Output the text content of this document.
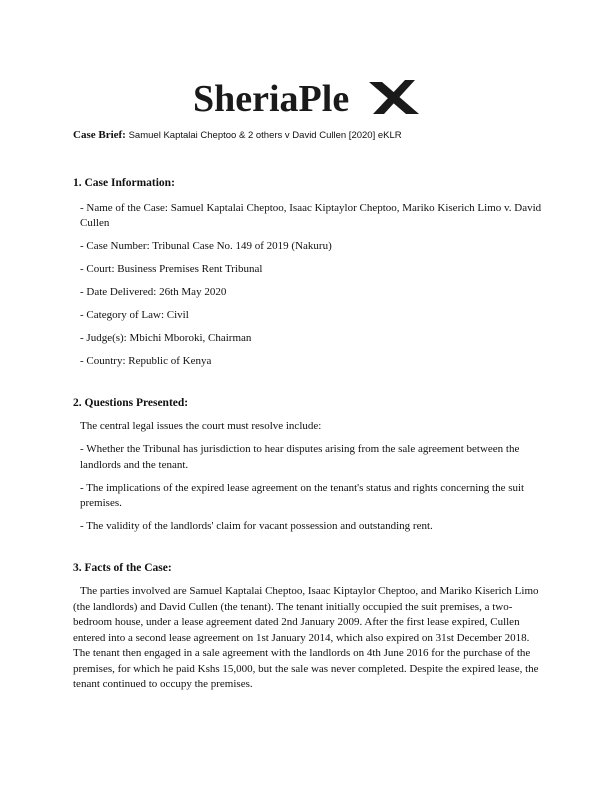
SheriaPle
Case Brief: Samuel Kaptalai Cheptoo & 2 others v David Cullen [2020] eKLR

1. Case Information:

- Name of the Case: Samuel Kaptalai Cheptoo, Isaac Kiptaylor Cheptoo, Mariko Kiserich Limo v. David Cullen

- Case Number: Tribunal Case No. 149 of 2019 (Nakuru)

- Court: Business Premises Rent Tribunal

- Date Delivered: 26th May 2020

- Category of Law: Civil

- Judge(s): Mbichi Mboroki, Chairman

- Country: Republic of Kenya

2. Questions Presented:

The central legal issues the court must resolve include:

- Whether the Tribunal has jurisdiction to hear disputes arising from the sale agreement between the landlords and the tenant.

- The implications of the expired lease agreement on the tenant's status and rights concerning the suit premises.

- The validity of the landlords' claim for vacant possession and outstanding rent.

3. Facts of the Case:

The parties involved are Samuel Kaptalai Cheptoo, Isaac Kiptaylor Cheptoo, and Mariko Kiserich Limo (the landlords) and David Cullen (the tenant). The tenant initially occupied the suit premises, a two-bedroom house, under a lease agreement dated 2nd January 2009. After the first lease expired, Cullen entered into a second lease agreement on 1st January 2014, which also expired on 31st December 2018. The tenant then engaged in a sale agreement with the landlords on 4th June 2016 for the purchase of the premises, for which he paid Kshs 15,000, but the sale was never completed. Despite the expired lease, the tenant continued to occupy the premises.
